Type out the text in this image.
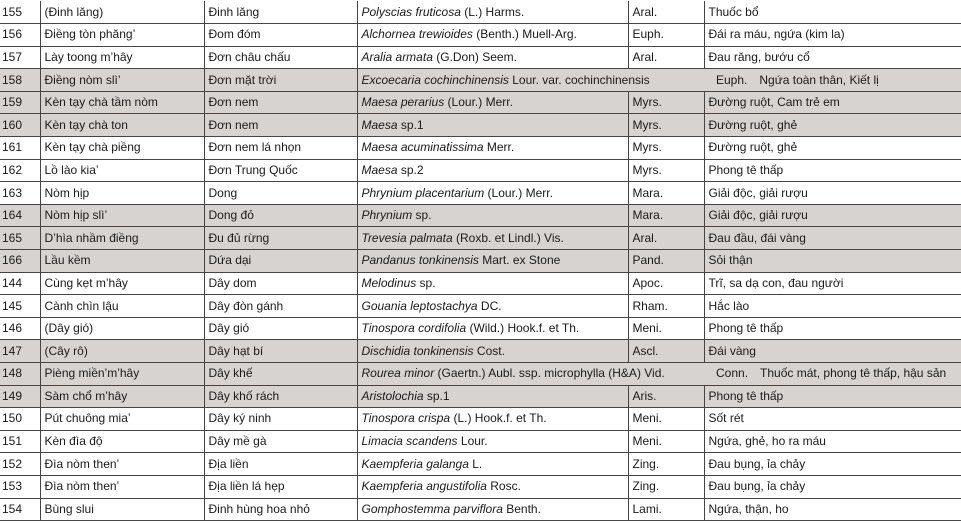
155	(Đinh lăng)	Đinh lăng	Polyscias fruticosa (L.) Harms.	Aral.	Thuốc bổ
156	Điềng tòn phăng’	Đom đóm	Alchornea trewioides (Benth.) Muell-Arg.	Euph.	Đái ra máu, ngứa (kim la)
157	Lày toong m’hây	Đơn châu chấu	Aralia armata (G.Don) Seem.	Aral.	Đau răng, bướu cổ
158	Điềng nòm slì’	Đơn mặt trời	Excoecaria cochinchinensis Lour. var. cochinchinensis		Euph. Ngứa toàn thân, Kiết lị
159	Kèn tạy chà tầm nòm	Đơn nem	Maesa perarius (Lour.) Merr.	Myrs.	Đường ruột, Cam trẻ em
160	Kèn tạy chà ton	Đơn nem	Maesa sp.1	Myrs.	Đường ruột, ghẻ
161	Kèn tạy chà piềng	Đơn nem lá nhọn	Maesa acuminatissima Merr.	Myrs.	Đường ruột, ghẻ
162	Lồ lào kia’	Đơn Trung Quốc	Maesa sp.2	Myrs.	Phong tê thấp
163	Nòm hịp	Dong	Phrynium placentarium (Lour.) Merr.	Mara.	Giải độc, giải rượu
164	Nòm hịp slì’	Dong đỏ	Phrynium sp.	Mara.	Giải độc, giải rượu
165	D’hìa nhầm điềng	Đu đủ rừng	Trevesia palmata (Roxb. et Lindl.) Vis.	Aral.	Đau đầu, đái vàng
166	Lầu kềm	Dứa dại	Pandanus tonkinensis Mart. ex Stone	Pand.	Sỏi thận
144	Cùng kẹt m’hây	Dây dom	Melodinus sp.	Apoc.	Trĩ, sa dạ con, đau người
145	Cành chìn lậu	Dây đòn gánh	Gouania leptostachya DC.	Rham.	Hắc lào
146	(Dây gió)	Dây gió	Tinospora cordifolia (Wild.) Hook.f. et Th.	Meni.	Phong tê thấp
147	(Cây rô)	Dây hạt bí	Dischidia tonkinensis Cost.	Ascl.	Đái vàng
148	Pièng miền’m’hây	Dây khế	Rourea minor (Gaertn.) Aubl. ssp. microphylla (H&A) Vid.		Conn. Thuốc mát, phong tê thấp, hậu sản
149	Sàm chổ m’hây	Dây khố rách	Aristolochia sp.1	Aris.	Phong tê thấp
150	Pút chuông mia’	Dây ký ninh	Tinospora crispa (L.) Hook.f. et Th.	Meni.	Sốt rét
151	Kèn đìa độ	Dây mề gà	Limacia scandens Lour.	Meni.	Ngứa, ghẻ, ho ra máu
152	Đìa nòm then’	Địa liền	Kaempferia galanga L.	Zing.	Đau bụng, ỉa chảy
153	Đìa nòm then’	Địa liền lá hẹp	Kaempferia angustifolia Rosc.	Zing.	Đau bụng, ỉa chảy
154	Bùng slui	Đinh hùng hoa nhỏ	Gomphostemma parviflora Benth.	Lami.	Ngứa, thận, ho
